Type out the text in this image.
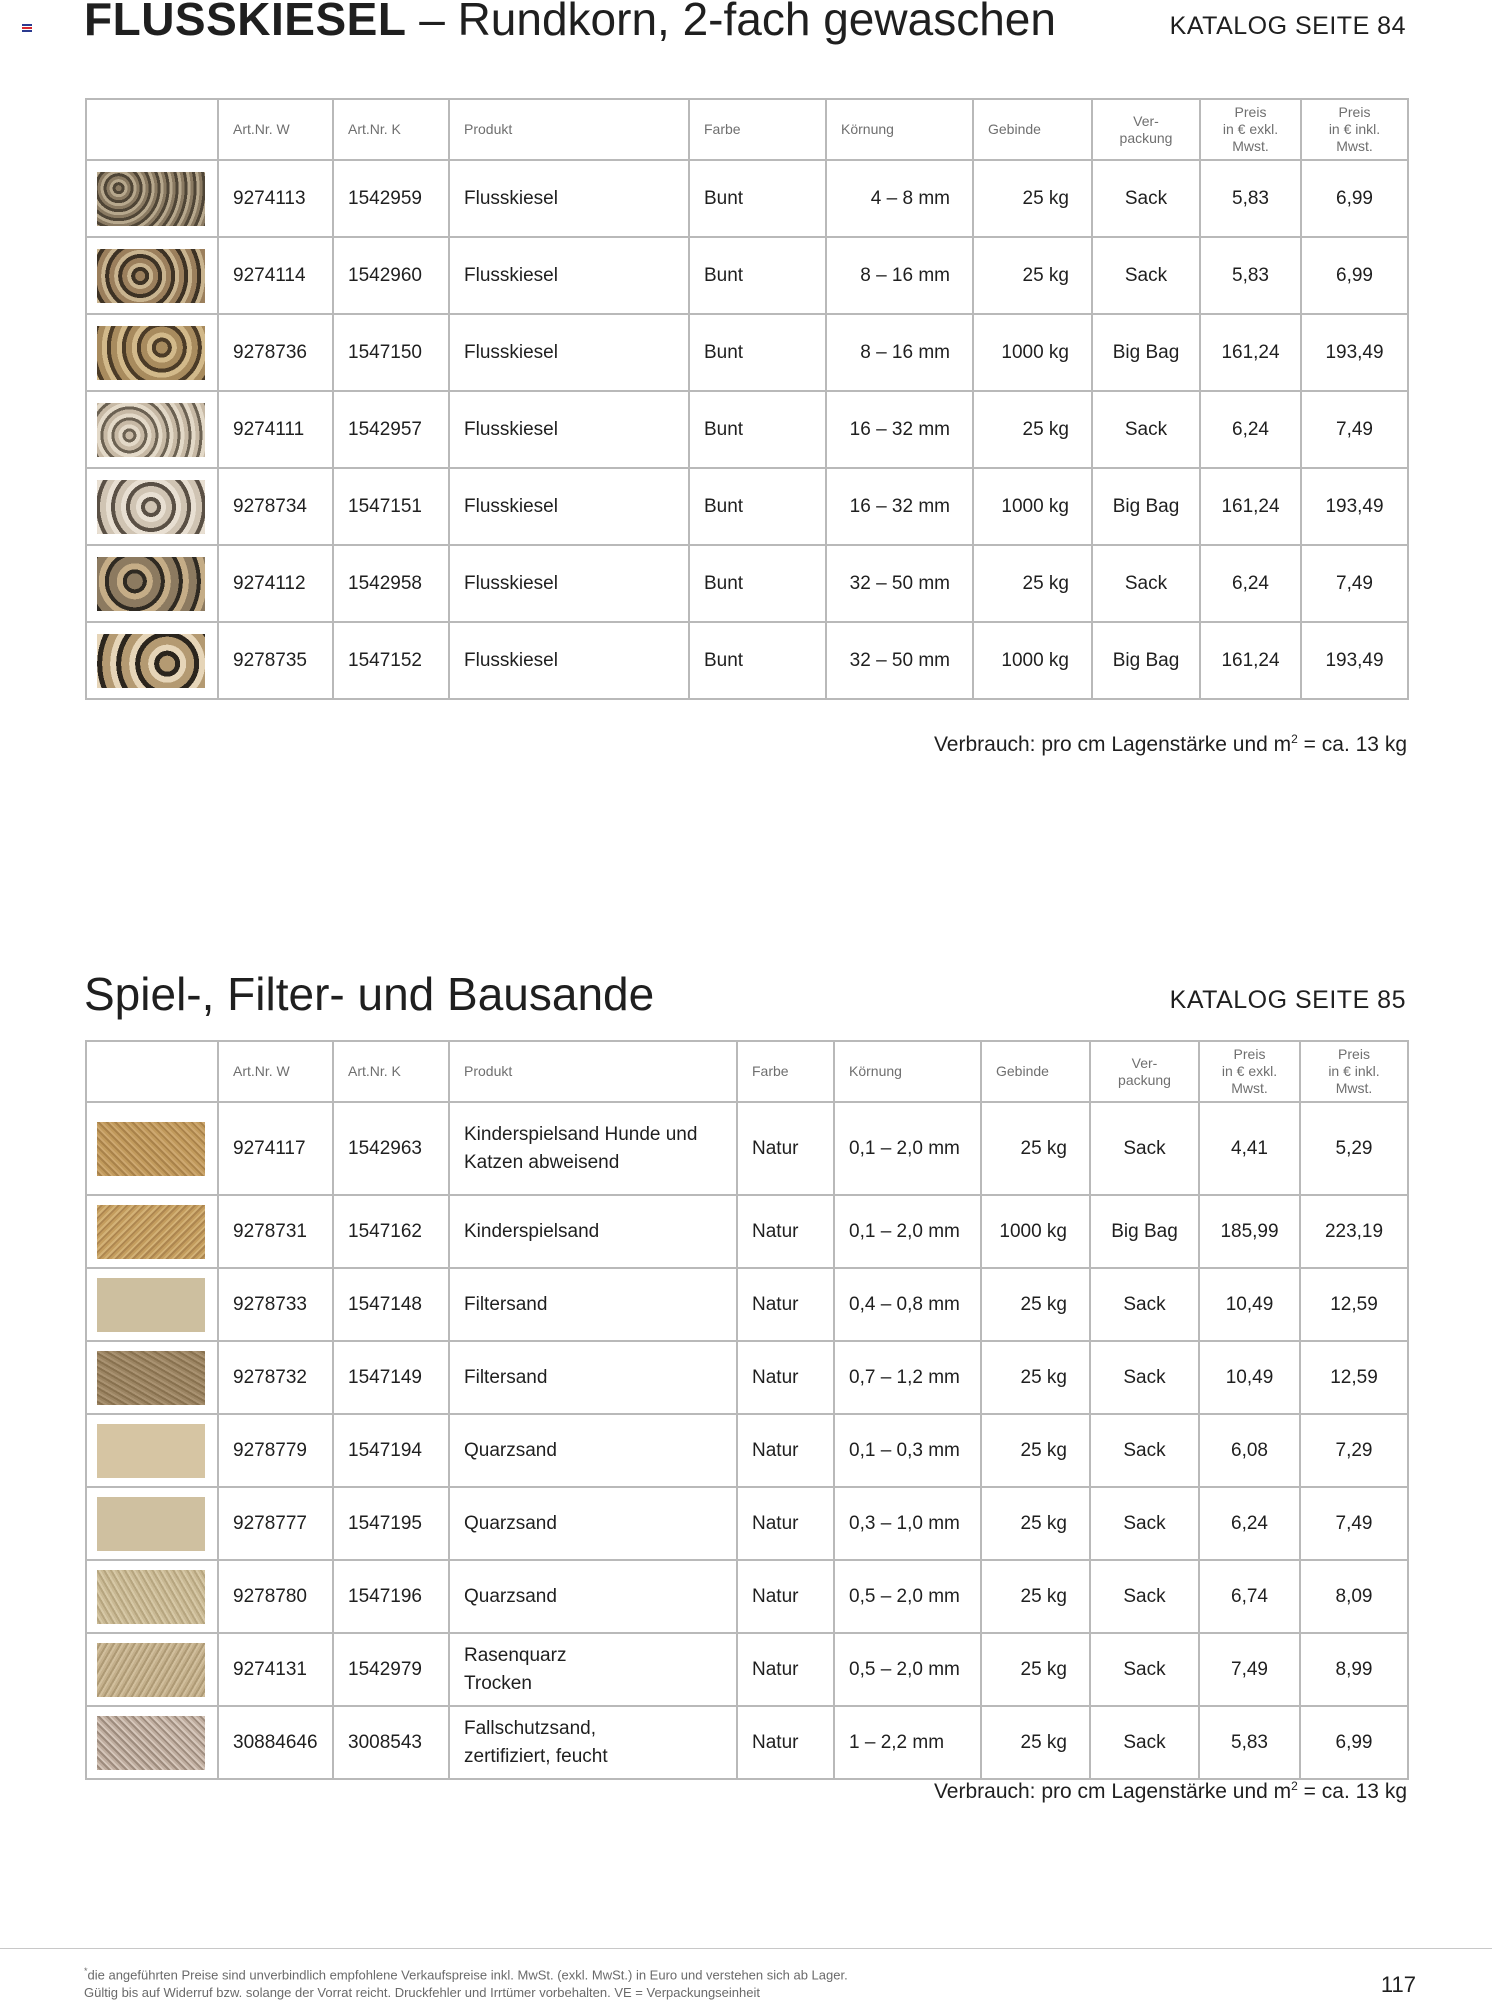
FLUSSKIESEL – Rundkorn, 2-fach gewaschen	KATALOG SEITE 84
	Art.Nr. W	Art.Nr. K	Produkt	Farbe	Körnung	Gebinde	Ver-
packung	Preis
in € exkl.
Mwst.	Preis
in € inkl.
Mwst.

	9274113	1542959	Flusskiesel	Bunt	4 – 8 mm	25 kg	Sack	5,83	6,99

	9274114	1542960	Flusskiesel	Bunt	8 – 16 mm	25 kg	Sack	5,83	6,99

	9278736	1547150	Flusskiesel	Bunt	8 – 16 mm	1000 kg	Big Bag	161,24	193,49

	9274111	1542957	Flusskiesel	Bunt	16 – 32 mm	25 kg	Sack	6,24	7,49

	9278734	1547151	Flusskiesel	Bunt	16 – 32 mm	1000 kg	Big Bag	161,24	193,49

	9274112	1542958	Flusskiesel	Bunt	32 – 50 mm	25 kg	Sack	6,24	7,49

	9278735	1547152	Flusskiesel	Bunt	32 – 50 mm	1000 kg	Big Bag	161,24	193,49
Verbrauch: pro cm Lagenstärke und $m^2$ = ca. 13 kg
Spiel-, Filter- und Bausande	KATALOG SEITE 85
	Art.Nr. W	Art.Nr. K	Produkt	Farbe	Körnung	Gebinde	Ver-
packung	Preis
in € exkl.
Mwst.	Preis
in € inkl.
Mwst.

	9274117	1542963	Kinderspielsand Hunde und
Katzen abweisend	Natur	0,1 – 2,0 mm	25 kg	Sack	4,41	5,29

	9278731	1547162	Kinderspielsand	Natur	0,1 – 2,0 mm	1000 kg	Big Bag	185,99	223,19

	9278733	1547148	Filtersand	Natur	0,4 – 0,8 mm	25 kg	Sack	10,49	12,59

	9278732	1547149	Filtersand	Natur	0,7 – 1,2 mm	25 kg	Sack	10,49	12,59

	9278779	1547194	Quarzsand	Natur	0,1 – 0,3 mm	25 kg	Sack	6,08	7,29

	9278777	1547195	Quarzsand	Natur	0,3 – 1,0 mm	25 kg	Sack	6,24	7,49

	9278780	1547196	Quarzsand	Natur	0,5 – 2,0 mm	25 kg	Sack	6,74	8,09

	9274131	1542979	Rasenquarz
Trocken	Natur	0,5 – 2,0 mm	25 kg	Sack	7,49	8,99

	30884646	3008543	Fallschutzsand,
zertifiziert, feucht	Natur	1 – 2,2 mm	25 kg	Sack	5,83	6,99
Verbrauch: pro cm Lagenstärke und $m^2$ = ca. 13 kg
*die angeführten Preise sind unverbindlich empfohlene Verkaufspreise inkl. MwSt. (exkl. MwSt.) in Euro und verstehen sich ab Lager.
Gültig bis auf Widerruf bzw. solange der Vorrat reicht. Druckfehler und Irrtümer vorbehalten. VE = Verpackungseinheit	117
